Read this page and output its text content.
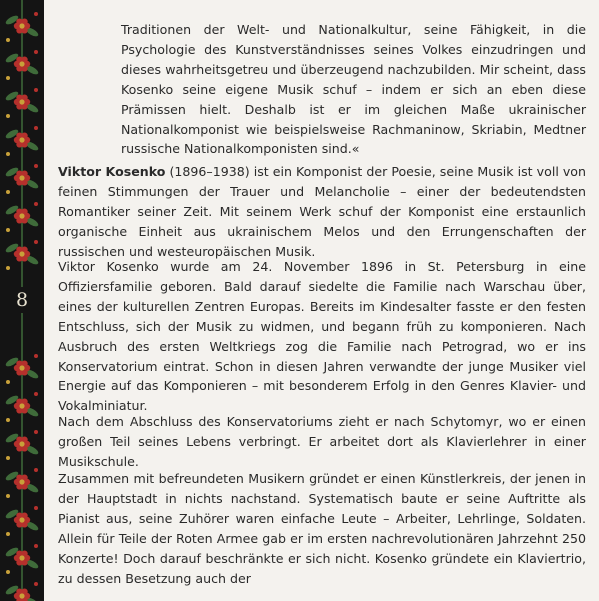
8

Traditionen der Welt- und Nationalkultur, seine Fähigkeit, in die Psychologie des Kunstverständnisses seines Volkes einzudringen und dieses wahrheitsgetreu und überzeugend nachzubilden. Mir scheint, dass Kosenko seine eigene Musik schuf – indem er sich an eben diese Prämissen hielt. Deshalb ist er im gleichen Maße ukrainischer Nationalkomponist wie beispielsweise Rachmaninow, Skriabin, Medtner russische Nationalkomponisten sind.«

Viktor Kosenko (1896–1938) ist ein Komponist der Poesie, seine Musik ist voll von feinen Stimmungen der Trauer und Melancholie – einer der bedeutendsten Romantiker seiner Zeit. Mit seinem Werk schuf der Komponist eine erstaunlich organische Einheit aus ukrainischem Melos und den Errungenschaften der russischen und westeuropäischen Musik.

Viktor Kosenko wurde am 24. November 1896 in St. Petersburg in eine Offiziersfamilie geboren. Bald darauf siedelte die Familie nach Warschau über, eines der kulturellen Zentren Europas. Bereits im Kindesalter fasste er den festen Entschluss, sich der Musik zu widmen, und begann früh zu komponieren. Nach Ausbruch des ersten Weltkriegs zog die Familie nach Petrograd, wo er ins Konservatorium eintrat. Schon in diesen Jahren verwandte der junge Musiker viel Energie auf das Komponieren – mit besonderem Erfolg in den Genres Klavier- und Vokalminiatur.

Nach dem Abschluss des Konservatoriums zieht er nach Schytomyr, wo er einen großen Teil seines Lebens verbringt. Er arbeitet dort als Klavierlehrer in einer Musikschule.

Zusammen mit befreundeten Musikern gründet er einen Künstlerkreis, der jenen in der Hauptstadt in nichts nachstand. Systematisch baute er seine Auftritte als Pianist aus, seine Zuhörer waren einfache Leute – Arbeiter, Lehrlinge, Soldaten. Allein für Teile der Roten Armee gab er im ersten nachrevolutionären Jahrzehnt 250 Konzerte! Doch darauf beschränkte er sich nicht. Kosenko gründete ein Klaviertrio, zu dessen Besetzung auch der
